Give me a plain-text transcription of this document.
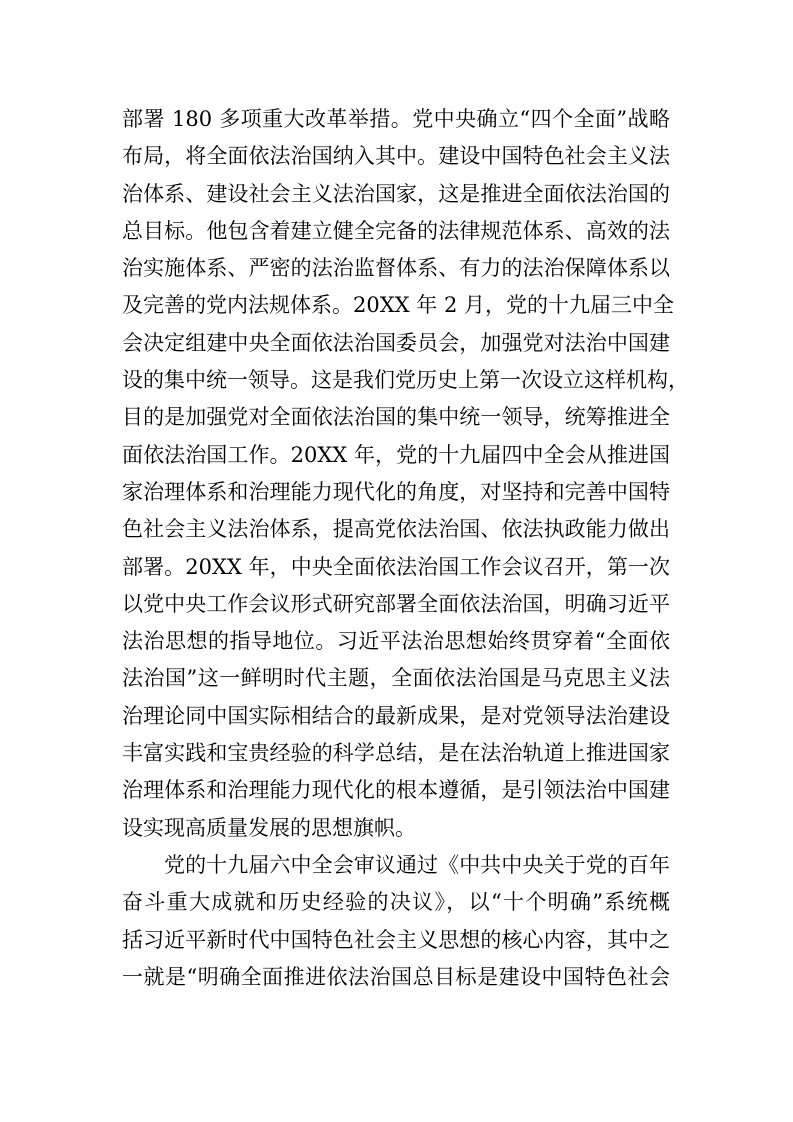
部署 180 多项重大改革举措。党中央确立“四个全面”战略
布局，将全面依法治国纳入其中。建设中国特色社会主义法
治体系、建设社会主义法治国家，这是推进全面依法治国的
总目标。他包含着建立健全完备的法律规范体系、高效的法
治实施体系、严密的法治监督体系、有力的法治保障体系以
及完善的党内法规体系。20XX 年 2 月，党的十九届三中全
会决定组建中央全面依法治国委员会，加强党对法治中国建
设的集中统一领导。这是我们党历史上第一次设立这样机构，
目的是加强党对全面依法治国的集中统一领导，统筹推进全
面依法治国工作。20XX 年，党的十九届四中全会从推进国
家治理体系和治理能力现代化的角度，对坚持和完善中国特
色社会主义法治体系，提高党依法治国、依法执政能力做出
部署。20XX 年，中央全面依法治国工作会议召开，第一次
以党中央工作会议形式研究部署全面依法治国，明确习近平
法治思想的指导地位。习近平法治思想始终贯穿着“全面依
法治国”这一鲜明时代主题，全面依法治国是马克思主义法
治理论同中国实际相结合的最新成果，是对党领导法治建设
丰富实践和宝贵经验的科学总结，是在法治轨道上推进国家
治理体系和治理能力现代化的根本遵循，是引领法治中国建
设实现高质量发展的思想旗帜。
党的十九届六中全会审议通过《中共中央关于党的百年
奋斗重大成就和历史经验的决议》，以“十个明确”系统概
括习近平新时代中国特色社会主义思想的核心内容，其中之
一就是“明确全面推进依法治国总目标是建设中国特色社会
